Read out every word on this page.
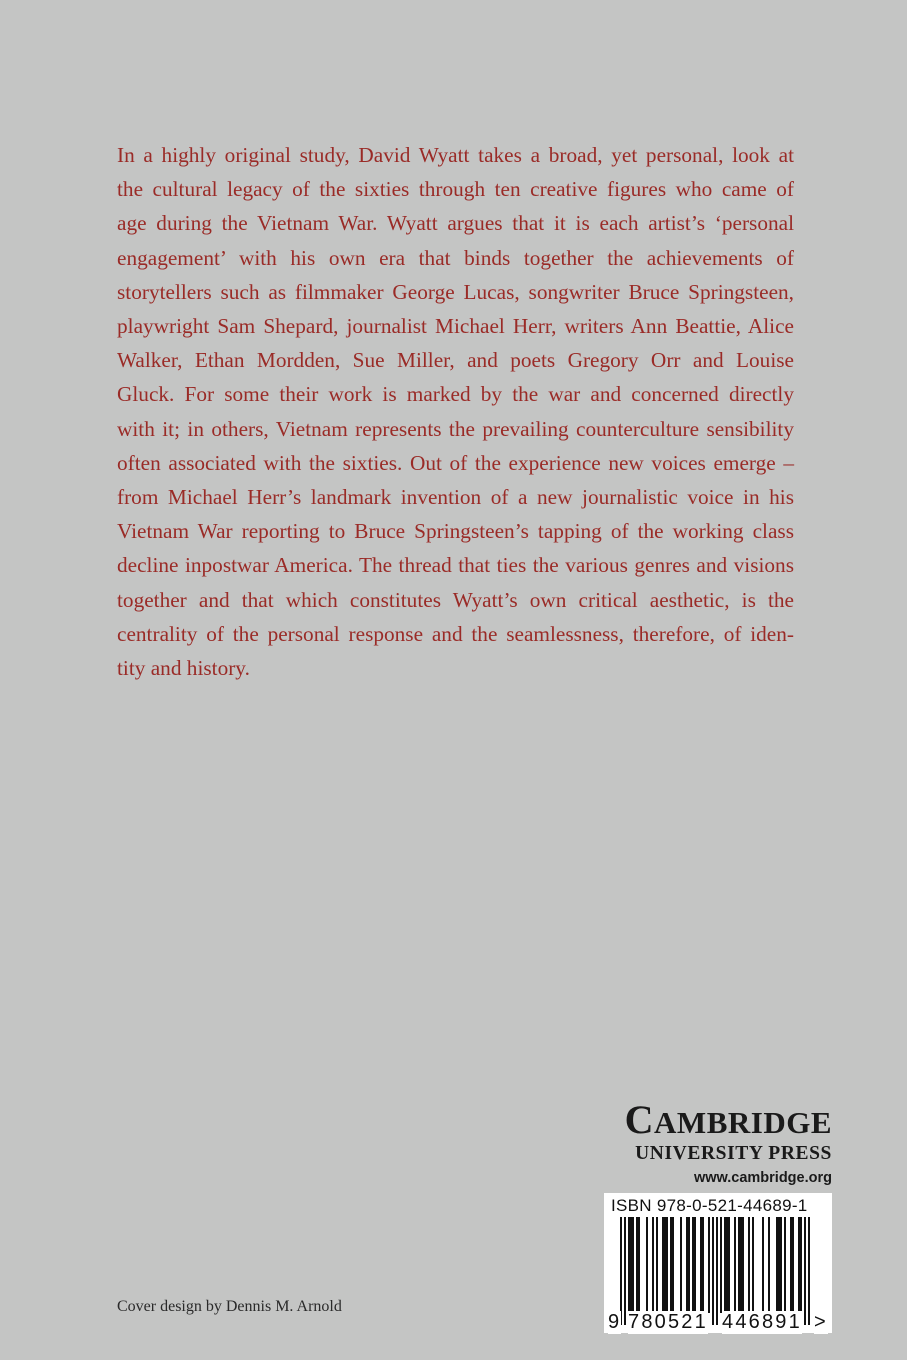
In a highly original study, David Wyatt takes a broad, yet personal, look at
the cultural legacy of the sixties through ten creative figures who came of
age during the Vietnam War. Wyatt argues that it is each artist’s ‘personal
engagement’ with his own era that binds together the achievements of
storytellers such as filmmaker George Lucas, songwriter Bruce Springsteen,
playwright Sam Shepard, journalist Michael Herr, writers Ann Beattie, Alice
Walker, Ethan Mordden, Sue Miller, and poets Gregory Orr and Louise
Gluck. For some their work is marked by the war and concerned directly
with it; in others, Vietnam represents the prevailing counterculture sensibility
often associated with the sixties. Out of the experience new voices emerge –
from Michael Herr’s landmark invention of a new journalistic voice in his
Vietnam War reporting to Bruce Springsteen’s tapping of the working class
decline inpostwar America. The thread that ties the various genres and visions
together and that which constitutes Wyatt’s own critical aesthetic, is the
centrality of the personal response and the seamlessness, therefore, of iden-
tity and history.
CAMBRIDGE
UNIVERSITY PRESS
www.cambridge.org
ISBN 978-0-521-44689-1
9 780521 446891 >
Cover design by Dennis M. Arnold
